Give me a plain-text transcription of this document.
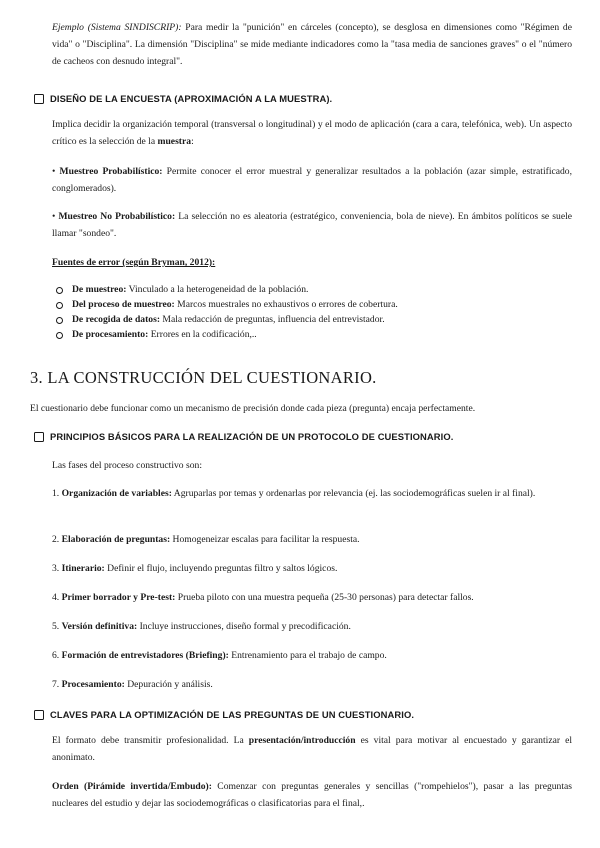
Ejemplo (Sistema SINDISCRIP): Para medir la "punición" en cárceles (concepto), se desglosa en dimensiones como "Régimen de vida" o "Disciplina". La dimensión "Disciplina" se mide mediante indicadores como la "tasa media de sanciones graves" o el "número de cacheos con desnudo integral".
DISEÑO DE LA ENCUESTA (APROXIMACIÓN A LA MUESTRA).
Implica decidir la organización temporal (transversal o longitudinal) y el modo de aplicación (cara a cara, telefónica, web). Un aspecto crítico es la selección de la muestra:
• Muestreo Probabilístico: Permite conocer el error muestral y generalizar resultados a la población (azar simple, estratificado, conglomerados).
• Muestreo No Probabilístico: La selección no es aleatoria (estratégico, conveniencia, bola de nieve). En ámbitos políticos se suele llamar "sondeo".
Fuentes de error (según Bryman, 2012):
De muestreo: Vinculado a la heterogeneidad de la población.
Del proceso de muestreo: Marcos muestrales no exhaustivos o errores de cobertura.
De recogida de datos: Mala redacción de preguntas, influencia del entrevistador.
De procesamiento: Errores en la codificación,..
3. LA CONSTRUCCIÓN DEL CUESTIONARIO.
El cuestionario debe funcionar como un mecanismo de precisión donde cada pieza (pregunta) encaja perfectamente.
PRINCIPIOS BÁSICOS PARA LA REALIZACIÓN DE UN PROTOCOLO DE CUESTIONARIO.
Las fases del proceso constructivo son:
1. Organización de variables: Agruparlas por temas y ordenarlas por relevancia (ej. las sociodemográficas suelen ir al final).
2. Elaboración de preguntas: Homogeneizar escalas para facilitar la respuesta.
3. Itinerario: Definir el flujo, incluyendo preguntas filtro y saltos lógicos.
4. Primer borrador y Pre-test: Prueba piloto con una muestra pequeña (25-30 personas) para detectar fallos.
5. Versión definitiva: Incluye instrucciones, diseño formal y precodificación.
6. Formación de entrevistadores (Briefing): Entrenamiento para el trabajo de campo.
7. Procesamiento: Depuración y análisis.
CLAVES PARA LA OPTIMIZACIÓN DE LAS PREGUNTAS DE UN CUESTIONARIO.
El formato debe transmitir profesionalidad. La presentación/introducción es vital para motivar al encuestado y garantizar el anonimato.
Orden (Pirámide invertida/Embudo): Comenzar con preguntas generales y sencillas ("rompehielos"), pasar a las preguntas nucleares del estudio y dejar las sociodemográficas o clasificatorias para el final,.
